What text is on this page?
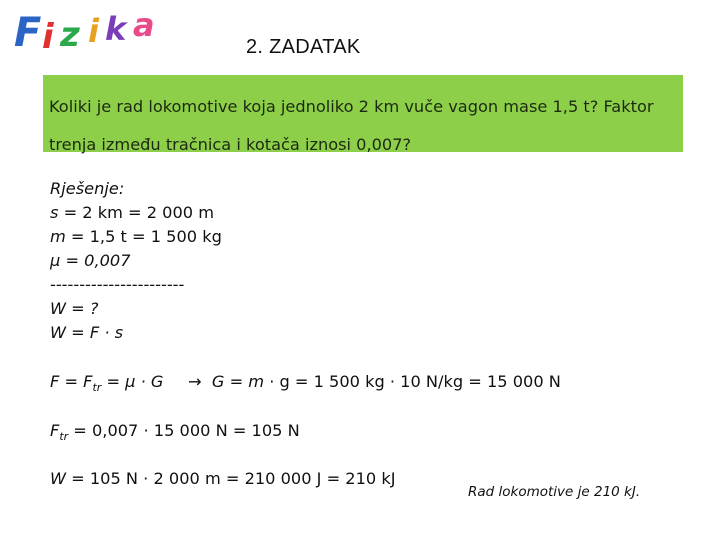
F i z i k a
2. ZADATAK
Koliki je rad lokomotive koja jednoliko 2 km vuče vagon mase 1,5 t? Faktor
trenja između tračnica i kotača iznosi 0,007?
Rješenje:
s = 2 km = 2 000 m
m = 1,5 t = 1 500 kg
μ = 0,007
-----------------------
W = ?
W = F · s
$F = F_{tr} = \mu \cdot G \to G = m \cdot g = 1$ 500 kg · 10 N/kg = 15 000 N
$F_{tr} = 0,007 \cdot 15$ 000 N = 105 N
W = 105 N · 2 000 m = 210 000 J = 210 kJ
Rad lokomotive je 210 kJ.
